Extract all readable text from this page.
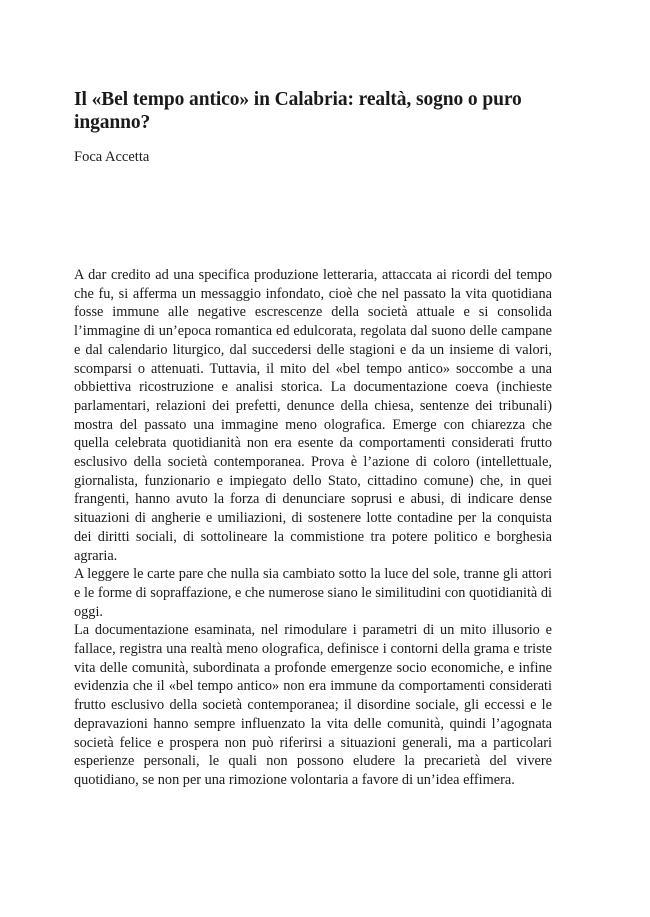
Il «Bel tempo antico» in Calabria: realtà, sogno o puro inganno?

Foca Accetta

A dar credito ad una specifica produzione letteraria, attaccata ai ricordi del tempo che fu, si afferma un messaggio infondato, cioè che nel passato la vita quotidiana fosse immune alle negative escrescenze della società attuale e si consolida l’immagine di un’epoca romantica ed edulcorata, regolata dal suono delle campane e dal calendario liturgico, dal succedersi delle stagioni e da un insieme di valori, scomparsi o attenuati. Tuttavia, il mito del «bel tempo antico» soccombe a una obbiettiva ricostruzione e analisi storica. La documentazione coeva (inchieste parlamentari, relazioni dei prefetti, denunce della chiesa, sentenze dei tribunali) mostra del passato una immagine meno olografica. Emerge con chiarezza che quella celebrata quotidianità non era esente da comportamenti considerati frutto esclusivo della società contemporanea. Prova è l’azione di coloro (intellettuale, giornalista, funzionario e impiegato dello Stato, cittadino comune) che, in quei frangenti, hanno avuto la forza di denunciare soprusi e abusi, di indicare dense situazioni di angherie e umiliazioni, di sostenere lotte contadine per la conquista dei diritti sociali, di sottolineare la commistione tra potere politico e borghesia agraria.

A leggere le carte pare che nulla sia cambiato sotto la luce del sole, tranne gli attori e le forme di sopraffazione, e che numerose siano le similitudini con quotidianità di oggi.

La documentazione esaminata, nel rimodulare i parametri di un mito illusorio e fallace, registra una realtà meno olografica, definisce i contorni della grama e triste vita delle comunità, subordinata a profonde emergenze socio economiche, e infine evidenzia che il «bel tempo antico» non era immune da comportamenti considerati frutto esclusivo della società contemporanea; il disordine sociale, gli eccessi e le depravazioni hanno sempre influenzato la vita delle comunità, quindi l’agognata società felice e prospera non può riferirsi a situazioni generali, ma a particolari esperienze personali, le quali non possono eludere la precarietà del vivere quotidiano, se non per una rimozione volontaria a favore di un’idea effimera.
